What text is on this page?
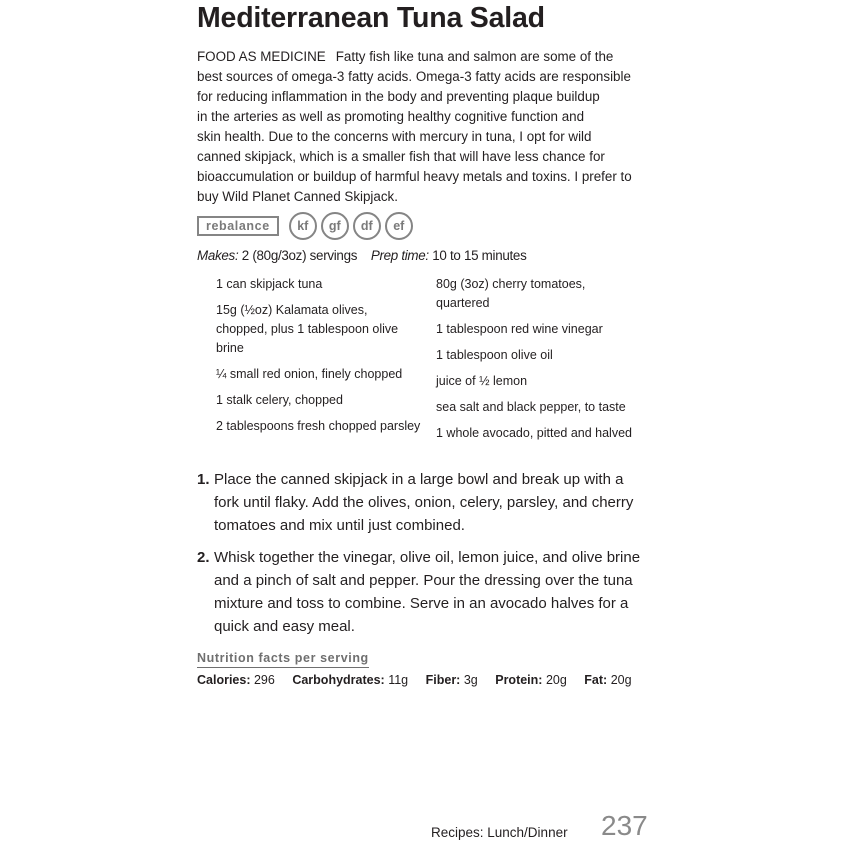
Mediterranean Tuna Salad
FOOD AS MEDICINE Fatty fish like tuna and salmon are some of the
best sources of omega-3 fatty acids. Omega-3 fatty acids are responsible
for reducing inflammation in the body and preventing plaque buildup
in the arteries as well as promoting healthy cognitive function and
skin health. Due to the concerns with mercury in tuna, I opt for wild
canned skipjack, which is a smaller fish that will have less chance for
bioaccumulation or buildup of harmful heavy metals and toxins. I prefer to
buy Wild Planet Canned Skipjack.
rebalance	kf	gf	df	ef
Makes: 2 (80g/3oz) servings Prep time: 10 to 15 minutes

1 can skipjack tuna

15g (½oz) Kalamata olives, chopped, plus 1 tablespoon olive brine

¼ small red onion, finely chopped

1 stalk celery, chopped

2 tablespoons fresh chopped parsley

80g (3oz) cherry tomatoes, quartered

1 tablespoon red wine vinegar

1 tablespoon olive oil

juice of ½ lemon

sea salt and black pepper, to taste

1 whole avocado, pitted and halved

1. Place the canned skipjack in a large bowl and break up with a
fork until flaky. Add the olives, onion, celery, parsley, and cherry
tomatoes and mix until just combined.
2. Whisk together the vinegar, olive oil, lemon juice, and olive brine
and a pinch of salt and pepper. Pour the dressing over the tuna
mixture and toss to combine. Serve in an avocado halves for a
quick and easy meal.
Nutrition facts per serving
Calories: 296 Carbohydrates: 11g Fiber: 3g Protein: 20g Fat: 20g
Recipes: Lunch/Dinner 237
